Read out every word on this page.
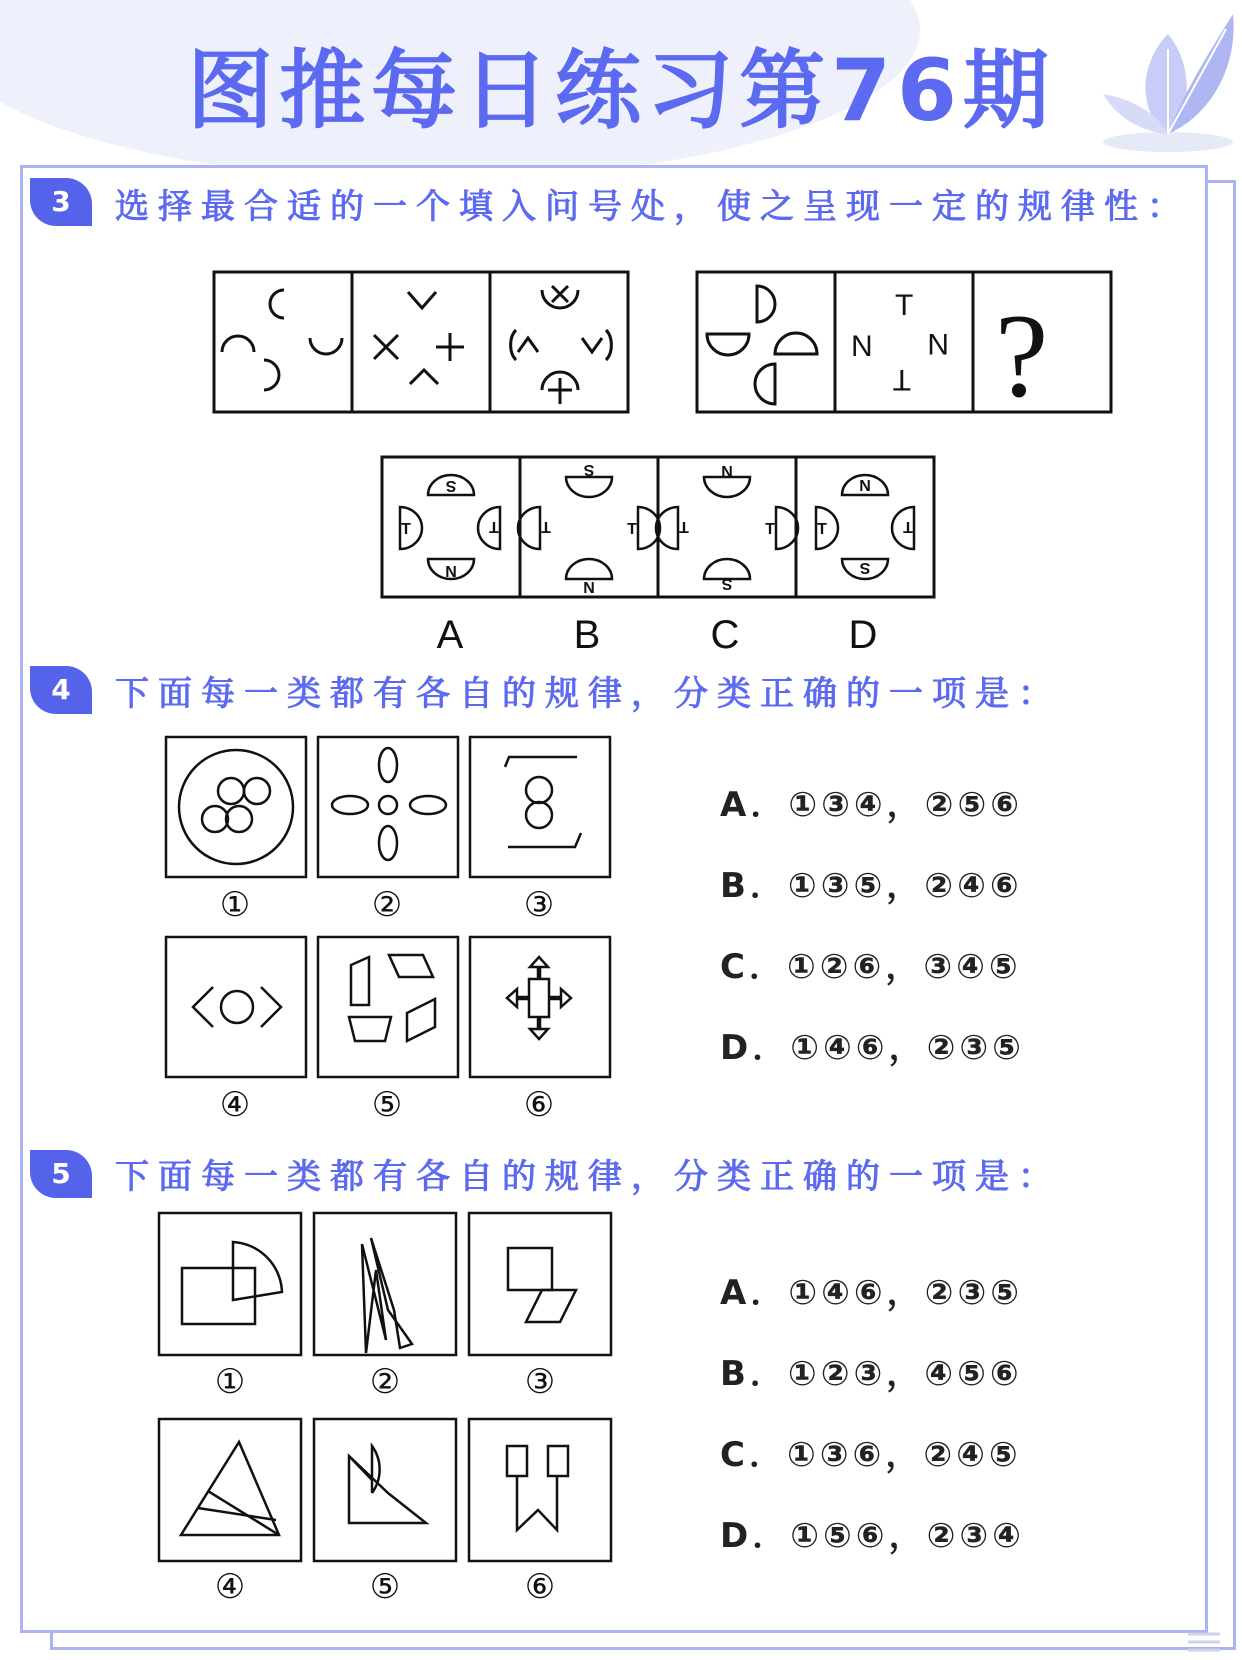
图推每日练习第76期
3	选择最合适的一个填入问号处，使之呈现一定的规律性：
T
N N
T ?
S
T	T
N
S
T	T
N
N
T	T
S
N
T	T
S
A	B	C	D
4	下面每一类都有各自的规律，分类正确的一项是：
①	②	③
④	⑤	⑥
A．①③④，②⑤⑥
B．①③⑤，②④⑥
C．①②⑥，③④⑤
D．①④⑥，②③⑤
5	下面每一类都有各自的规律，分类正确的一项是：
①	②	③
④	⑤	⑥
A．①④⑥，②③⑤
B．①②③，④⑤⑥
C．①③⑥，②④⑤
D．①⑤⑥，②③④
